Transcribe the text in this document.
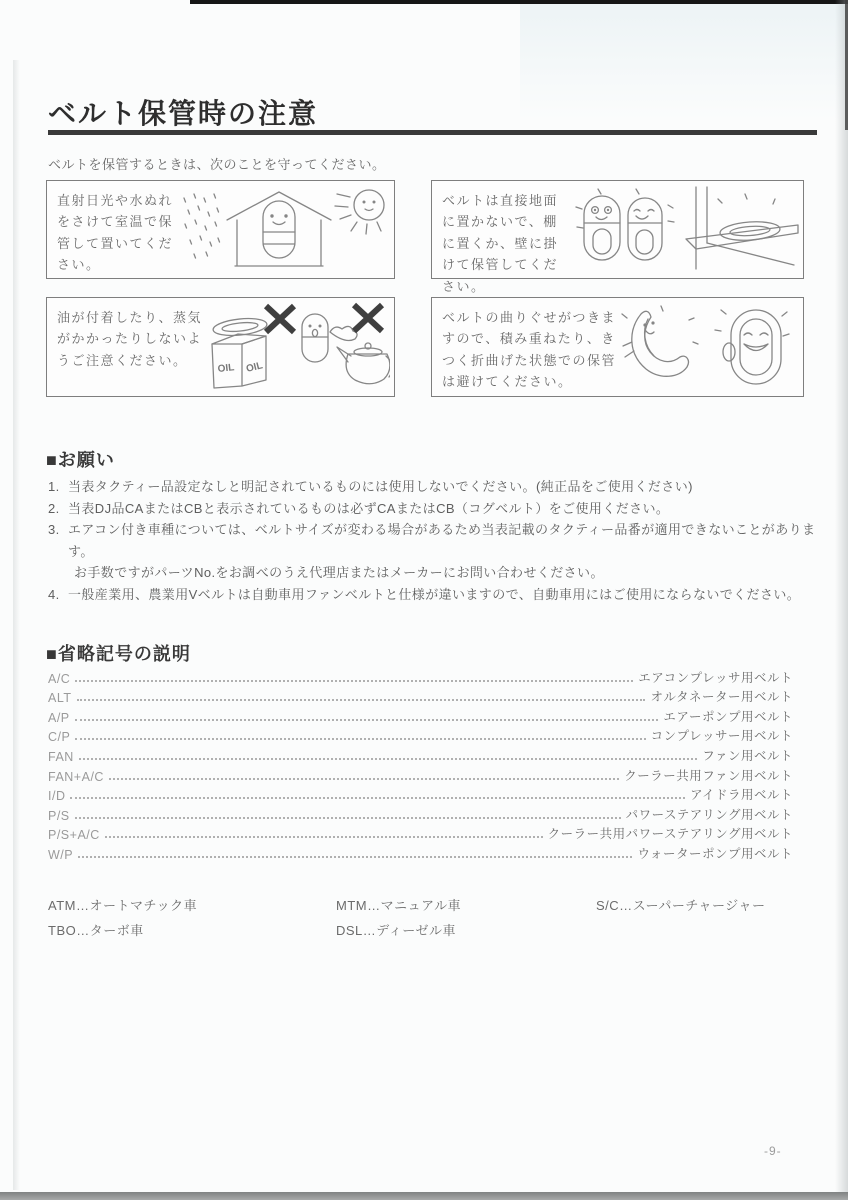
ベルト保管時の注意
ベルトを保管するときは、次のことを守ってください。
直射日光や水ぬれをさけて室温で保管して置いてください。
ベルトは直接地面に置かないで、棚に置くか、壁に掛けて保管してください。
油が付着したり、蒸気がかかったりしないようご注意ください。
OIL OIL
ベルトの曲りぐせがつきますので、積み重ねたり、きつく折曲げた状態での保管は避けてください。
■お願い
1. 当表タクティー品設定なしと明記されているものには使用しないでください。(純正品をご使用ください)
2. 当表DJ品CAまたはCBと表示されているものは必ずCAまたはCB（コグベルト）をご使用ください。
3. エアコン付き車種については、ベルトサイズが変わる場合があるため当表記載のタクティー品番が適用できないことがあります。
お手数ですがパーツNo.をお調べのうえ代理店またはメーカーにお問い合わせください。
4. 一般産業用、農業用Vベルトは自動車用ファンベルトと仕様が違いますので、自動車用にはご使用にならないでください。
■省略記号の説明
A/C	エアコンプレッサ用ベルト
ALT	オルタネーター用ベルト
A/P	エアーポンプ用ベルト
C/P	コンプレッサー用ベルト
FAN	ファン用ベルト
FAN+A/C	クーラー共用ファン用ベルト
I/D	アイドラ用ベルト
P/S	パワーステアリング用ベルト
P/S+A/C	クーラー共用パワーステアリング用ベルト
W/P	ウォーターポンプ用ベルト
ATM…オートマチック車
TBO…ターボ車
MTM…マニュアル車
DSL…ディーゼル車
S/C…スーパーチャージャー
-9-
